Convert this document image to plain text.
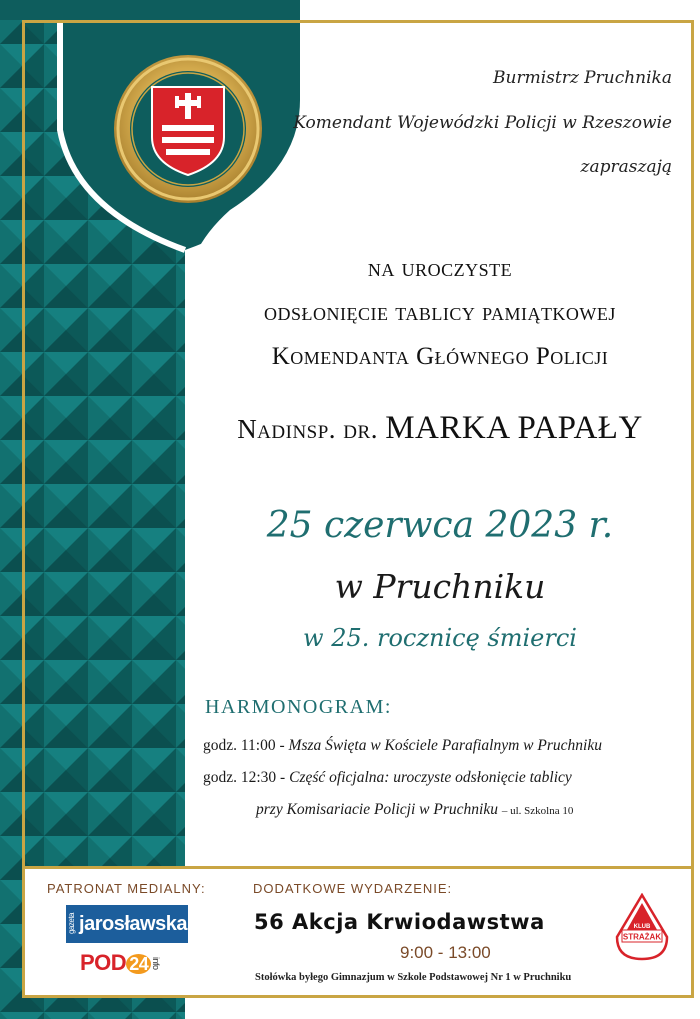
Burmistrz Pruchnika
Komendant Wojewódzki Policji w Rzeszowie
zapraszają
na uroczyste
odsłonięcie tablicy pamiątkowej
Komendanta Głównego Policji
Nadinsp. dr. MARKA PAPAŁY
25 czerwca 2023 r.
w Pruchniku
w 25. rocznicę śmierci
HARMONOGRAM:
godz. 11:00 - Msza Święta w Kościele Parafialnym w Pruchniku
godz. 12:30 - Część oficjalna: uroczyste odsłonięcie tablicy
przy Komisariacie Policji w Pruchniku – ul. Szkolna 10
PATRONAT MEDIALNY:	DODATKOWE WYDARZENIE:
gazeta jarosławska
POD 24 info
56 Akcja Krwiodawstwa
9:00 - 13:00
Stołówka byłego Gimnazjum w Szkole Podstawowej Nr 1 w Pruchniku
KLUB
STRAŻAK
